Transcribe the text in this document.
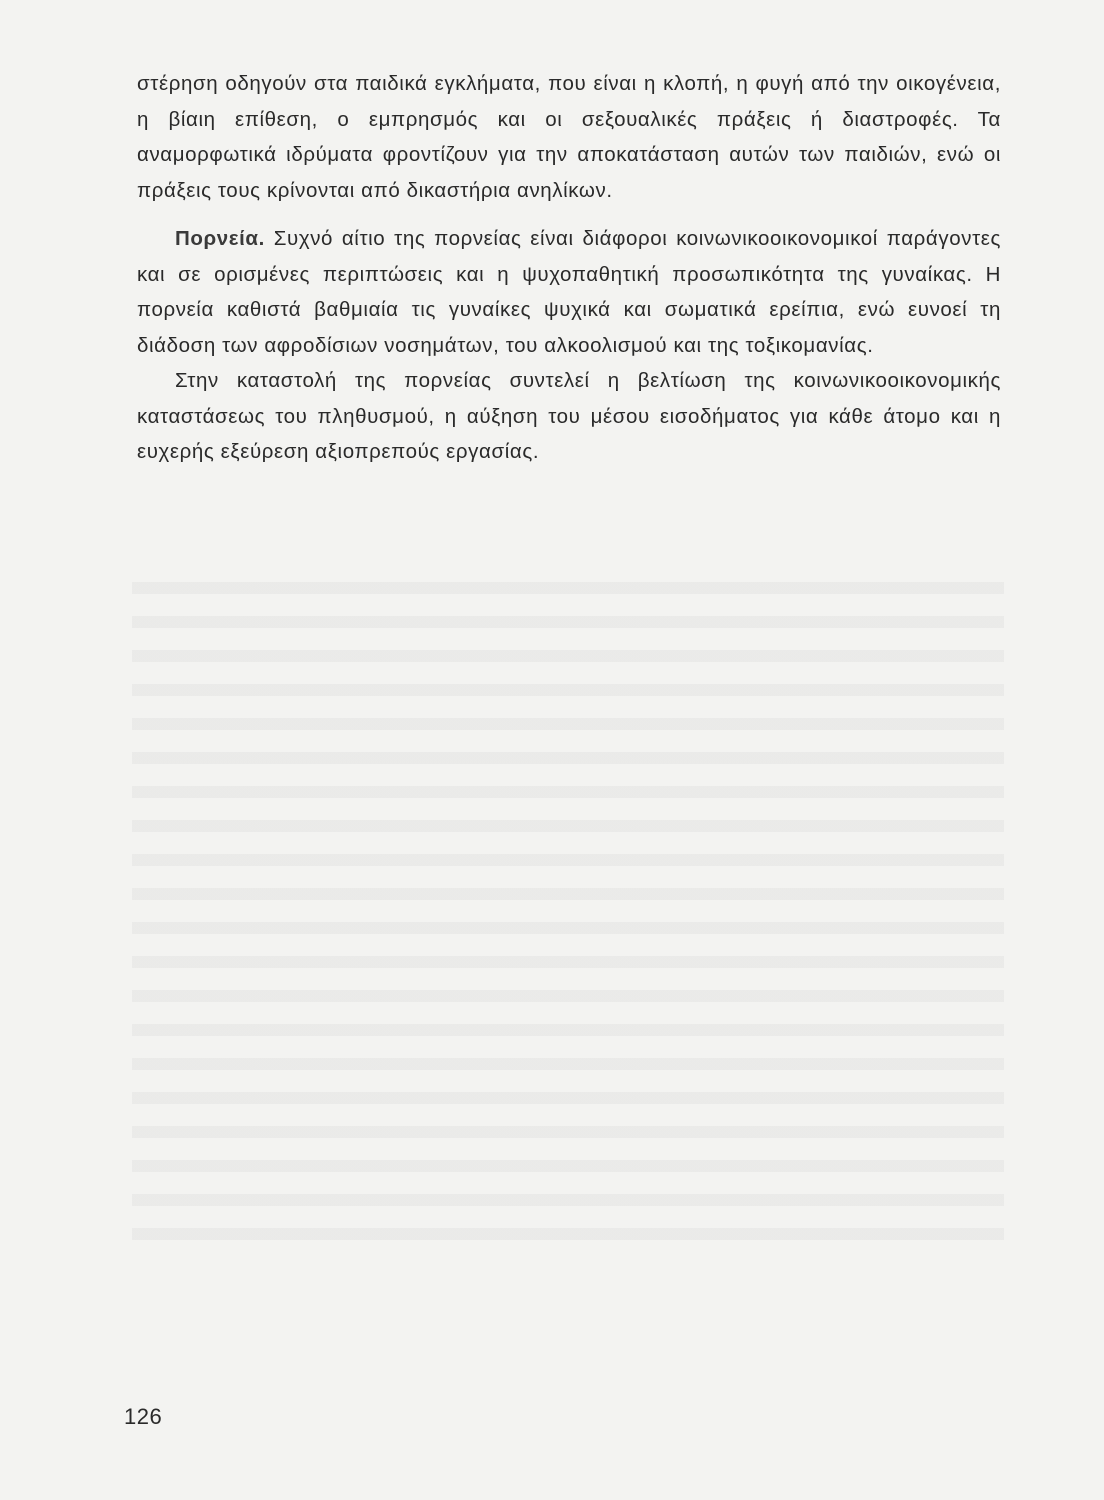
στέρηση οδηγούν στα παιδικά εγκλήματα, που είναι η κλοπή, η φυγή από την οικογένεια, η βίαιη επίθεση, ο εμπρησμός και οι σεξουαλικές πράξεις ή διαστροφές. Τα αναμορφωτικά ιδρύματα φροντίζουν για την αποκατάσταση αυτών των παιδιών, ενώ οι πράξεις τους κρίνονται από δικαστήρια ανηλίκων.

Πορνεία. Συχνό αίτιο της πορνείας είναι διάφοροι κοινωνικοοικονομικοί παράγοντες και σε ορισμένες περιπτώσεις και η ψυχοπαθητική προσωπικότητα της γυναίκας. Η πορνεία καθιστά βαθμιαία τις γυναίκες ψυχικά και σωματικά ερείπια, ενώ ευνοεί τη διάδοση των αφροδίσιων νοσημάτων, του αλκοολισμού και της τοξικομανίας.

Στην καταστολή της πορνείας συντελεί η βελτίωση της κοινωνικοοικονομικής καταστάσεως του πληθυσμού, η αύξηση του μέσου εισοδήματος για κάθε άτομο και η ευχερής εξεύρεση αξιοπρεπούς εργασίας.

126
